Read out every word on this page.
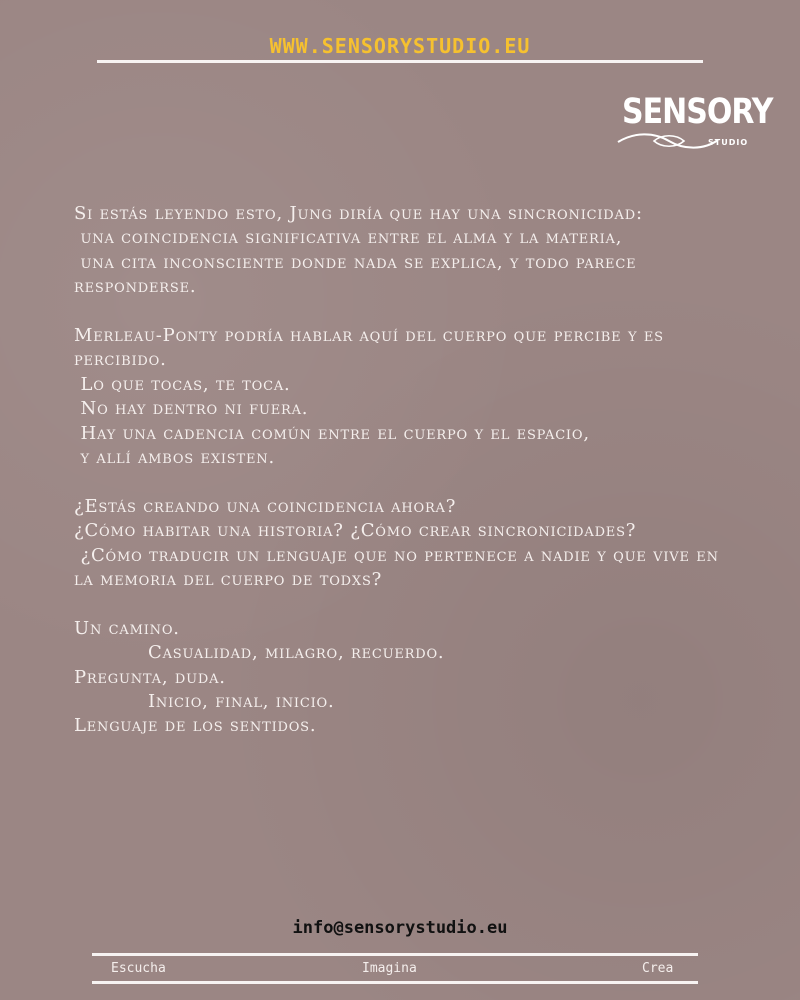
WWW.SENSORYSTUDIO.EU
SENSORY
STUDIO
Si estás leyendo esto, Jung diría que hay una sincronicidad:
una coincidencia significativa entre el alma y la materia,
una cita inconsciente donde nada se explica, y todo parece responderse.
Merleau-Ponty podría hablar aquí del cuerpo que percibe y es percibido.
Lo que tocas, te toca.
No hay dentro ni fuera.
Hay una cadencia común entre el cuerpo y el espacio,
y allí ambos existen.
¿Estás creando una coincidencia ahora?
¿Cómo habitar una historia? ¿Cómo crear sincronicidades?
¿Cómo traducir un lenguaje que no pertenece a nadie y que vive en la memoria del cuerpo de todxs?
Un camino.
Casualidad, milagro, recuerdo.
Pregunta, duda.
Inicio, final, inicio.
Lenguaje de los sentidos.
info@sensorystudio.eu
Escucha	Imagina	Crea
